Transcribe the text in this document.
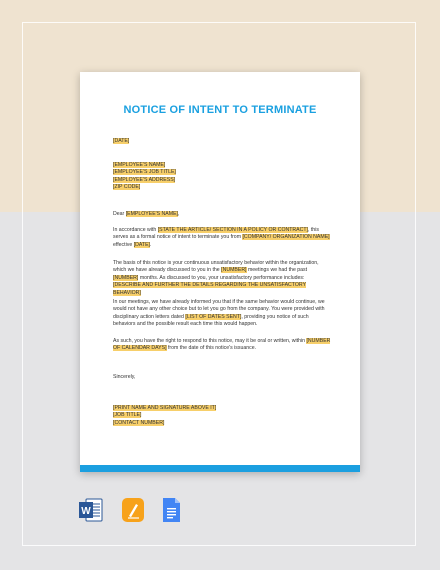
NOTICE OF INTENT TO TERMINATE
[DATE]
[EMPLOYEE'S NAME]
[EMPLOYEE'S JOB TITLE]
[EMPLOYEE'S ADDRESS]
[ZIP CODE]
Dear [EMPLOYEE'S NAME],
In accordance with [STATE THE ARTICLE/ SECTION IN A POLICY OR CONTRACT], this serves as a formal notice of intent to terminate you from [COMPANY/ ORGANIZATION NAME] effective [DATE].
The basis of this notice is your continuous unsatisfactory behavior within the organization, which we have already discussed to you in the [NUMBER] meetings we had the past [NUMBER] months. As discussed to you, your unsatisfactory performance includes: [DESCRIBE AND FURTHER THE DETAILS REGARDING THE UNSATISFACTORY BEHAVIOR]
In our meetings, we have already informed you that if the same behavior would continue, we would not have any other choice but to let you go from the company. You were provided with disciplinary action letters dated [LIST OF DATES SENT], providing you notice of such behaviors and the possible result each time this would happen.
As such, you have the right to respond to this notice, may it be oral or written, within [NUMBER OF CALENDAR DAYS] from the date of this notice's issuance.
Sincerely,
[PRINT NAME AND SIGNATURE ABOVE IT]
[JOB TITLE]
[CONTACT NUMBER]
W
